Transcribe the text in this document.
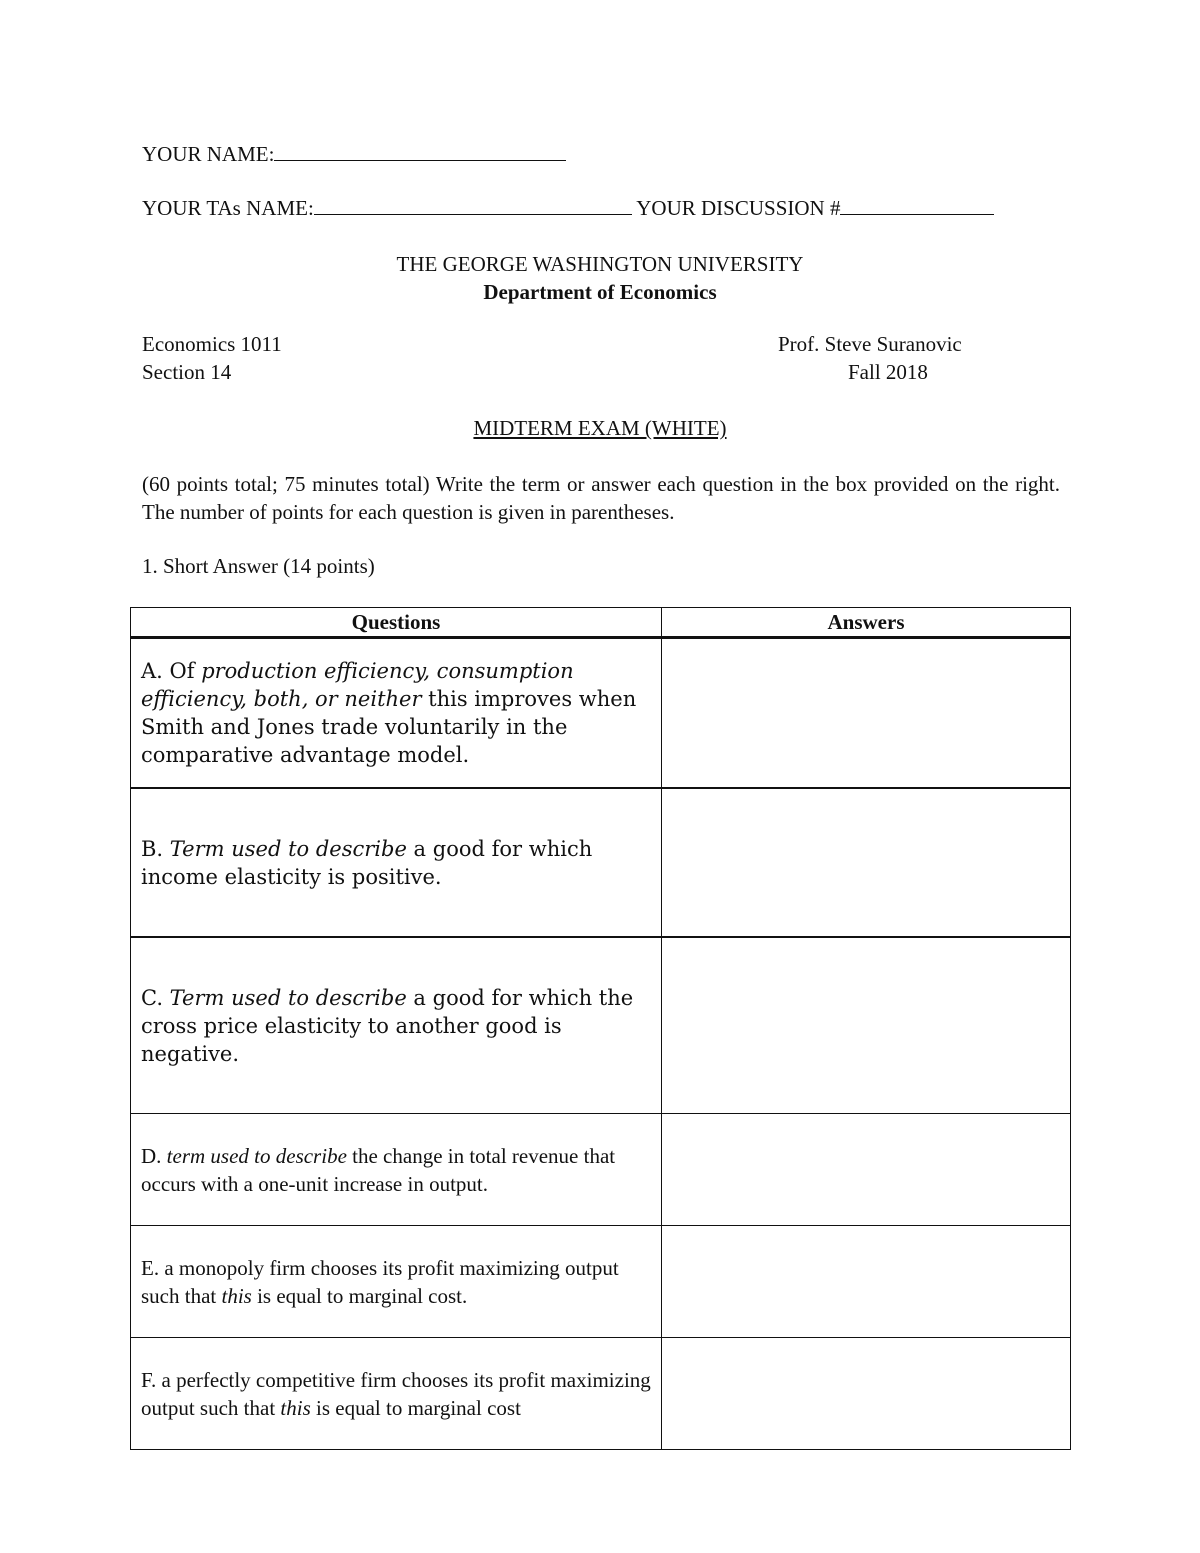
YOUR NAME:
YOUR TAs NAME:	YOUR DISCUSSION #
THE GEORGE WASHINGTON UNIVERSITY
Department of Economics
Economics 1011
Section 14
Prof. Steve Suranovic
Fall 2018
MIDTERM EXAM (WHITE)
(60 points total; 75 minutes total) Write the term or answer each question in the box provided on the right. The number of points for each question is given in parentheses.
1. Short Answer (14 points)
Questions	Answers
A. Of production efficiency, consumption efficiency, both, or neither this improves when Smith and Jones trade voluntarily in the comparative advantage model.	
B. Term used to describe a good for which income elasticity is positive.	
C. Term used to describe a good for which the cross price elasticity to another good is negative.	
D. term used to describe the change in total revenue that occurs with a one-unit increase in output.	
E. a monopoly firm chooses its profit maximizing output such that this is equal to marginal cost.	
F. a perfectly competitive firm chooses its profit maximizing output such that this is equal to marginal cost	
